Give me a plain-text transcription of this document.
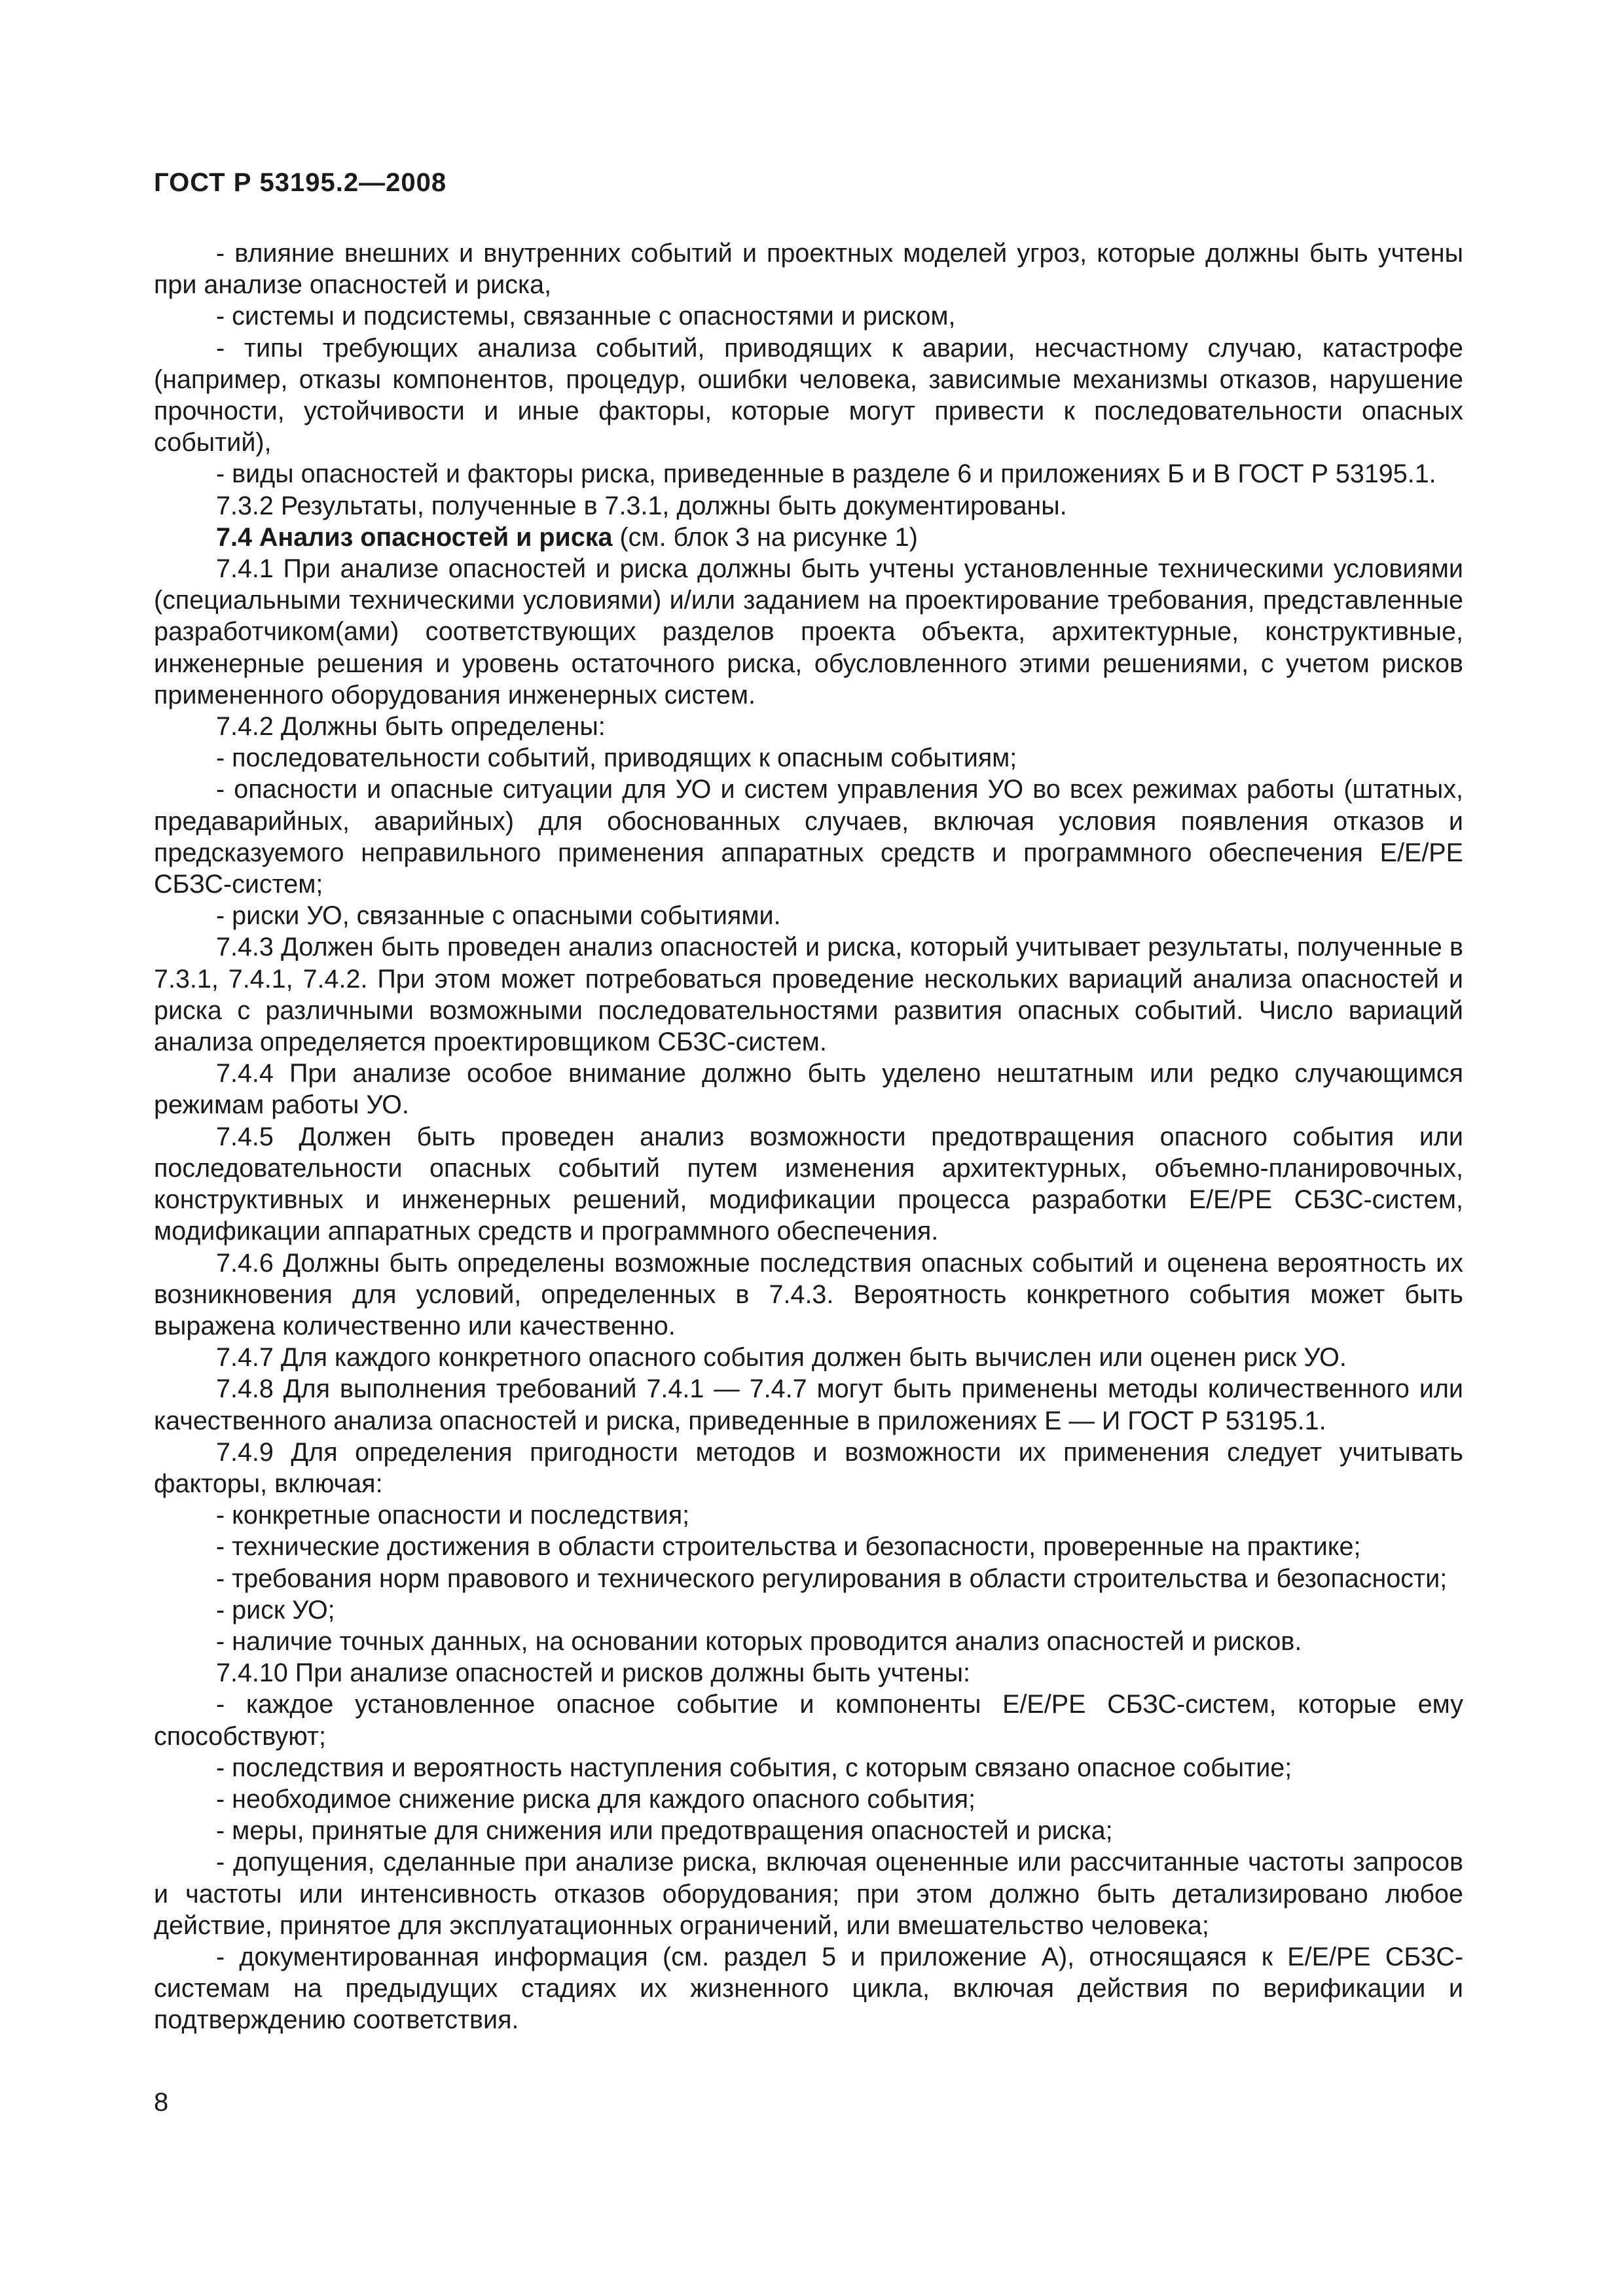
ГОСТ Р 53195.2—2008

- влияние внешних и внутренних событий и проектных моделей угроз, которые должны быть учтены при анализе опасностей и риска,

- системы и подсистемы, связанные с опасностями и риском,

- типы требующих анализа событий, приводящих к аварии, несчастному случаю, катастрофе (например, отказы компонентов, процедур, ошибки человека, зависимые механизмы отказов, нарушение прочности, устойчивости и иные факторы, которые могут привести к последовательности опасных событий),

- виды опасностей и факторы риска, приведенные в разделе 6 и приложениях Б и В ГОСТ Р 53195.1.

7.3.2 Результаты, полученные в 7.3.1, должны быть документированы.

7.4 Анализ опасностей и риска (см. блок 3 на рисунке 1)

7.4.1 При анализе опасностей и риска должны быть учтены установленные техническими условиями (специальными техническими условиями) и/или заданием на проектирование требования, представленные разработчиком(ами) соответствующих разделов проекта объекта, архитектурные, конструктивные, инженерные решения и уровень остаточного риска, обусловленного этими решениями, с учетом рисков примененного оборудования инженерных систем.

7.4.2 Должны быть определены:

- последовательности событий, приводящих к опасным событиям;

- опасности и опасные ситуации для УО и систем управления УО во всех режимах работы (штатных, предаварийных, аварийных) для обоснованных случаев, включая условия появления отказов и предсказуемого неправильного применения аппаратных средств и программного обеспечения Е/Е/РЕ СБЗС-систем;

- риски УО, связанные с опасными событиями.

7.4.3 Должен быть проведен анализ опасностей и риска, который учитывает результаты, полученные в 7.3.1, 7.4.1, 7.4.2. При этом может потребоваться проведение нескольких вариаций анализа опасностей и риска с различными возможными последовательностями развития опасных событий. Число вариаций анализа определяется проектировщиком СБЗС-систем.

7.4.4 При анализе особое внимание должно быть уделено нештатным или редко случающимся режимам работы УО.

7.4.5 Должен быть проведен анализ возможности предотвращения опасного события или последовательности опасных событий путем изменения архитектурных, объемно-планировочных, конструктивных и инженерных решений, модификации процесса разработки Е/Е/РЕ СБЗС-систем, модификации аппаратных средств и программного обеспечения.

7.4.6 Должны быть определены возможные последствия опасных событий и оценена вероятность их возникновения для условий, определенных в 7.4.3. Вероятность конкретного события может быть выражена количественно или качественно.

7.4.7 Для каждого конкретного опасного события должен быть вычислен или оценен риск УО.

7.4.8 Для выполнения требований 7.4.1 — 7.4.7 могут быть применены методы количественного или качественного анализа опасностей и риска, приведенные в приложениях Е — И ГОСТ Р 53195.1.

7.4.9 Для определения пригодности методов и возможности их применения следует учитывать факторы, включая:

- конкретные опасности и последствия;

- технические достижения в области строительства и безопасности, проверенные на практике;

- требования норм правового и технического регулирования в области строительства и безопасности;

- риск УО;

- наличие точных данных, на основании которых проводится анализ опасностей и рисков.

7.4.10 При анализе опасностей и рисков должны быть учтены:

- каждое установленное опасное событие и компоненты Е/Е/РЕ СБЗС-систем, которые ему способствуют;

- последствия и вероятность наступления события, с которым связано опасное событие;

- необходимое снижение риска для каждого опасного события;

- меры, принятые для снижения или предотвращения опасностей и риска;

- допущения, сделанные при анализе риска, включая оцененные или рассчитанные частоты запросов и частоты или интенсивность отказов оборудования; при этом должно быть детализировано любое действие, принятое для эксплуатационных ограничений, или вмешательство человека;

- документированная информация (см. раздел 5 и приложение А), относящаяся к Е/Е/РЕ СБЗС-системам на предыдущих стадиях их жизненного цикла, включая действия по верификации и подтверждению соответствия.

8
